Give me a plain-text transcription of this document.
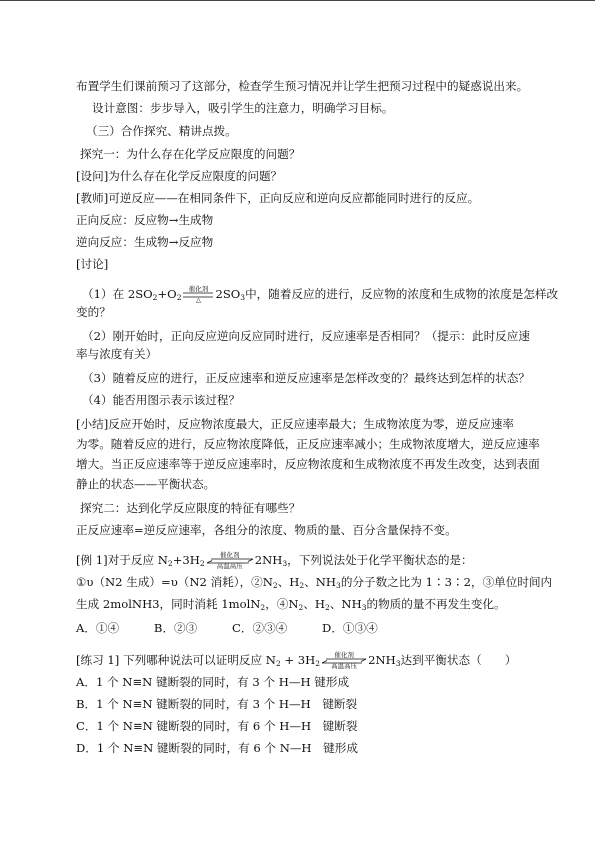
布置学生们课前预习了这部分，检查学生预习情况并让学生把预习过程中的疑惑说出来。
设计意图：步步导入，吸引学生的注意力，明确学习目标。
（三）合作探究、精讲点拨。
探究一：为什么存在化学反应限度的问题？
[设问]为什么存在化学反应限度的问题？
[教师]可逆反应——在相同条件下，正向反应和逆向反应都能同时进行的反应。
正向反应：反应物→生成物
逆向反应：生成物→反应物
[讨论]
（1）在 $2SO_2+O_2$
催化剂
△	$2SO_3$中，随着反应的进行，反应物的浓度和生成物的浓度是怎样改
变的？
（2）刚开始时，正向反应逆向反应同时进行，反应速率是否相同？（提示：此时反应速
率与浓度有关）
（3）随着反应的进行，正反应速率和逆反应速率是怎样改变的？最终达到怎样的状态？
（4）能否用图示表示该过程？
[小结]反应开始时，反应物浓度最大，正反应速率最大；生成物浓度为零，逆反应速率
为零。随着反应的进行，反应物浓度降低，正反应速率减小；生成物浓度增大，逆反应速率
增大。当正反应速率等于逆反应速率时，反应物浓度和生成物浓度不再发生改变，达到表面
静止的状态——平衡状态。
探究二：达到化学反应限度的特征有哪些？
正反应速率=逆反应速率，各组分的浓度、物质的量、百分含量保持不变。
[例 1]对于反应 $N_2+3H_2$
催化剂
高温高压	$2NH_3$，下列说法处于化学平衡状态的是：
①υ（N2 生成）=υ（N2 消耗），$②N_2$、$H_2$、$NH_3$的分子数之比为 1∶3∶2，③单位时间内
生成 2molNH3，同时消耗 1molN$_2$，$④N_2$、$H_2$、$NH_3$的物质的量不再发生变化。
A．①④　　　B．②③　　　C．②③④　　　D．①③④
[练习 1] 下列哪种说法可以证明反应 $N_2 + 3H_2$
催化剂
高温高压 $2NH_3$达到平衡状态（　　）
A．1 个 N≡N 键断裂的同时，有 3 个 H—H 键形成
B．1 个 N≡N 键断裂的同时，有 3 个 H—H　键断裂
C．1 个 N≡N 键断裂的同时，有 6 个 H—H　键断裂
D．1 个 N≡N 键断裂的同时，有 6 个 N—H　键形成
